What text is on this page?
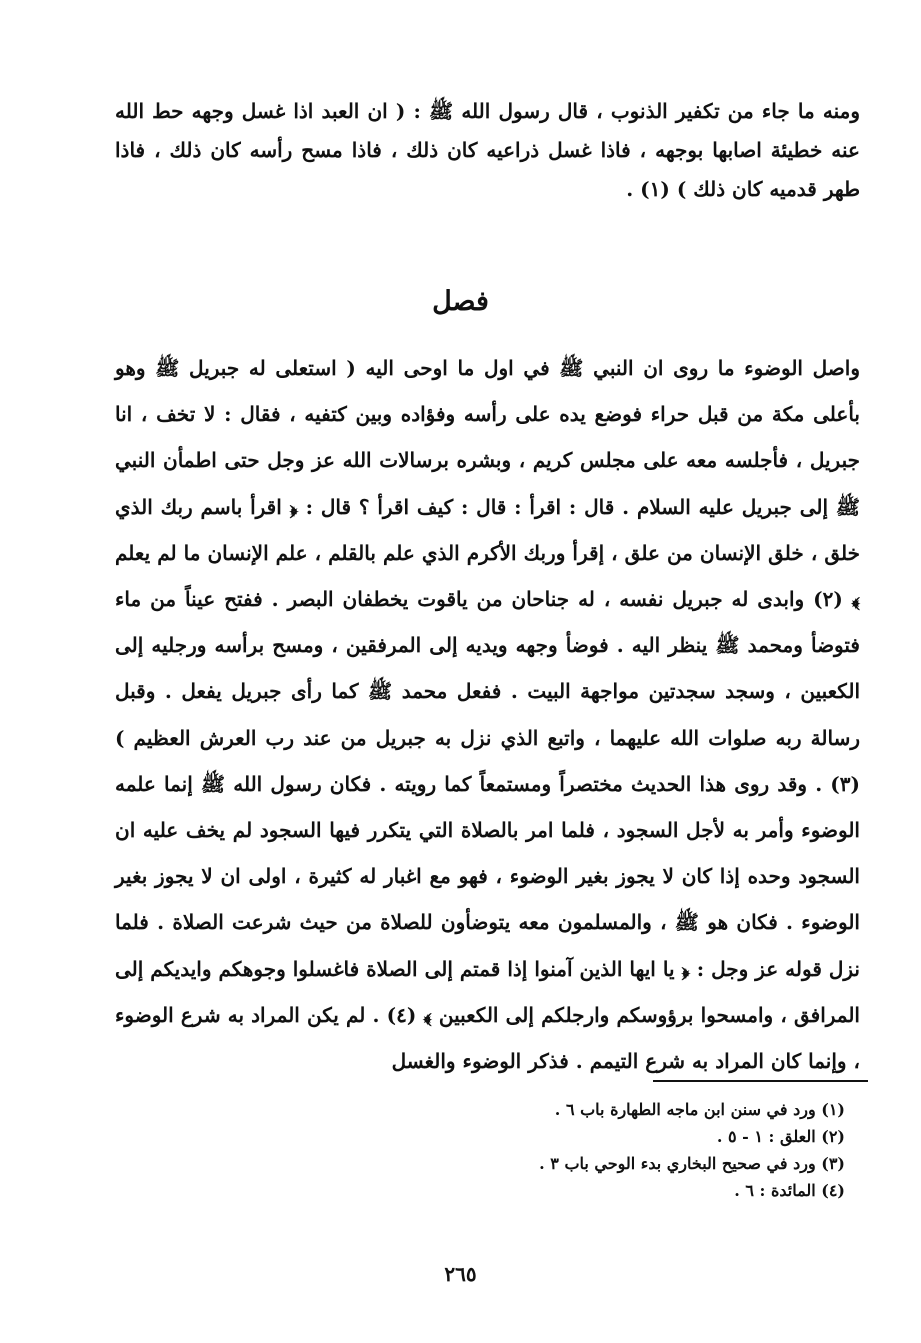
ومنه ما جاء من تكفير الذنوب ، قال رسول الله ﷺ : ( ان العبد اذا غسل وجهه حط الله عنه خطيئة اصابها بوجهه ، فاذا غسل ذراعيه كان ذلك ، فاذا مسح رأسه كان ذلك ، فاذا طهر قدميه كان ذلك ) (١) .

فصل

واصل الوضوء ما روى ان النبي ﷺ في اول ما اوحى اليه ( استعلى له جبريل ﷺ وهو بأعلى مكة من قبل حراء فوضع يده على رأسه وفؤاده وبين كتفيه ، فقال : لا تخف ، انا جبريل ، فأجلسه معه على مجلس كريم ، وبشره برسالات الله عز وجل حتى اطمأن النبي ﷺ إلى جبريل عليه السلام . قال : اقرأ : قال : كيف اقرأ ؟ قال : ﴿ اقرأ باسم ربك الذي خلق ، خلق الإنسان من علق ، إقرأ وربك الأكرم الذي علم بالقلم ، علم الإنسان ما لم يعلم ﴾ (٢) وابدى له جبريل نفسه ، له جناحان من ياقوت يخطفان البصر . ففتح عيناً من ماء فتوضأ ومحمد ﷺ ينظر اليه . فوضأ وجهه ويديه إلى المرفقين ، ومسح برأسه ورجليه إلى الكعبين ، وسجد سجدتين مواجهة البيت . ففعل محمد ﷺ كما رأى جبريل يفعل . وقبل رسالة ربه صلوات الله عليهما ، واتبع الذي نزل به جبريل من عند رب العرش العظيم ) (٣) . وقد روى هذا الحديث مختصراً ومستمعاً كما رويته . فكان رسول الله ﷺ إنما علمه الوضوء وأمر به لأجل السجود ، فلما امر بالصلاة التي يتكرر فيها السجود لم يخف عليه ان السجود وحده إذا كان لا يجوز بغير الوضوء ، فهو مع اغبار له كثيرة ، اولى ان لا يجوز بغير الوضوء . فكان هو ﷺ ، والمسلمون معه يتوضأون للصلاة من حيث شرعت الصلاة . فلما نزل قوله عز وجل : ﴿ يا ايها الذين آمنوا إذا قمتم إلى الصلاة فاغسلوا وجوهكم وايديكم إلى المرافق ، وامسحوا برؤوسكم وارجلكم إلى الكعبين ﴾ (٤) . لم يكن المراد به شرع الوضوء ، وإنما كان المراد به شرع التيمم . فذكر الوضوء والغسل

(١) ورد في سنن ابن ماجه الطهارة باب ٦ .
(٢) العلق : ١ - ٥ .
(٣) ورد في صحيح البخاري بدء الوحي باب ٣ .
(٤) المائدة : ٦ .
٢٦٥
